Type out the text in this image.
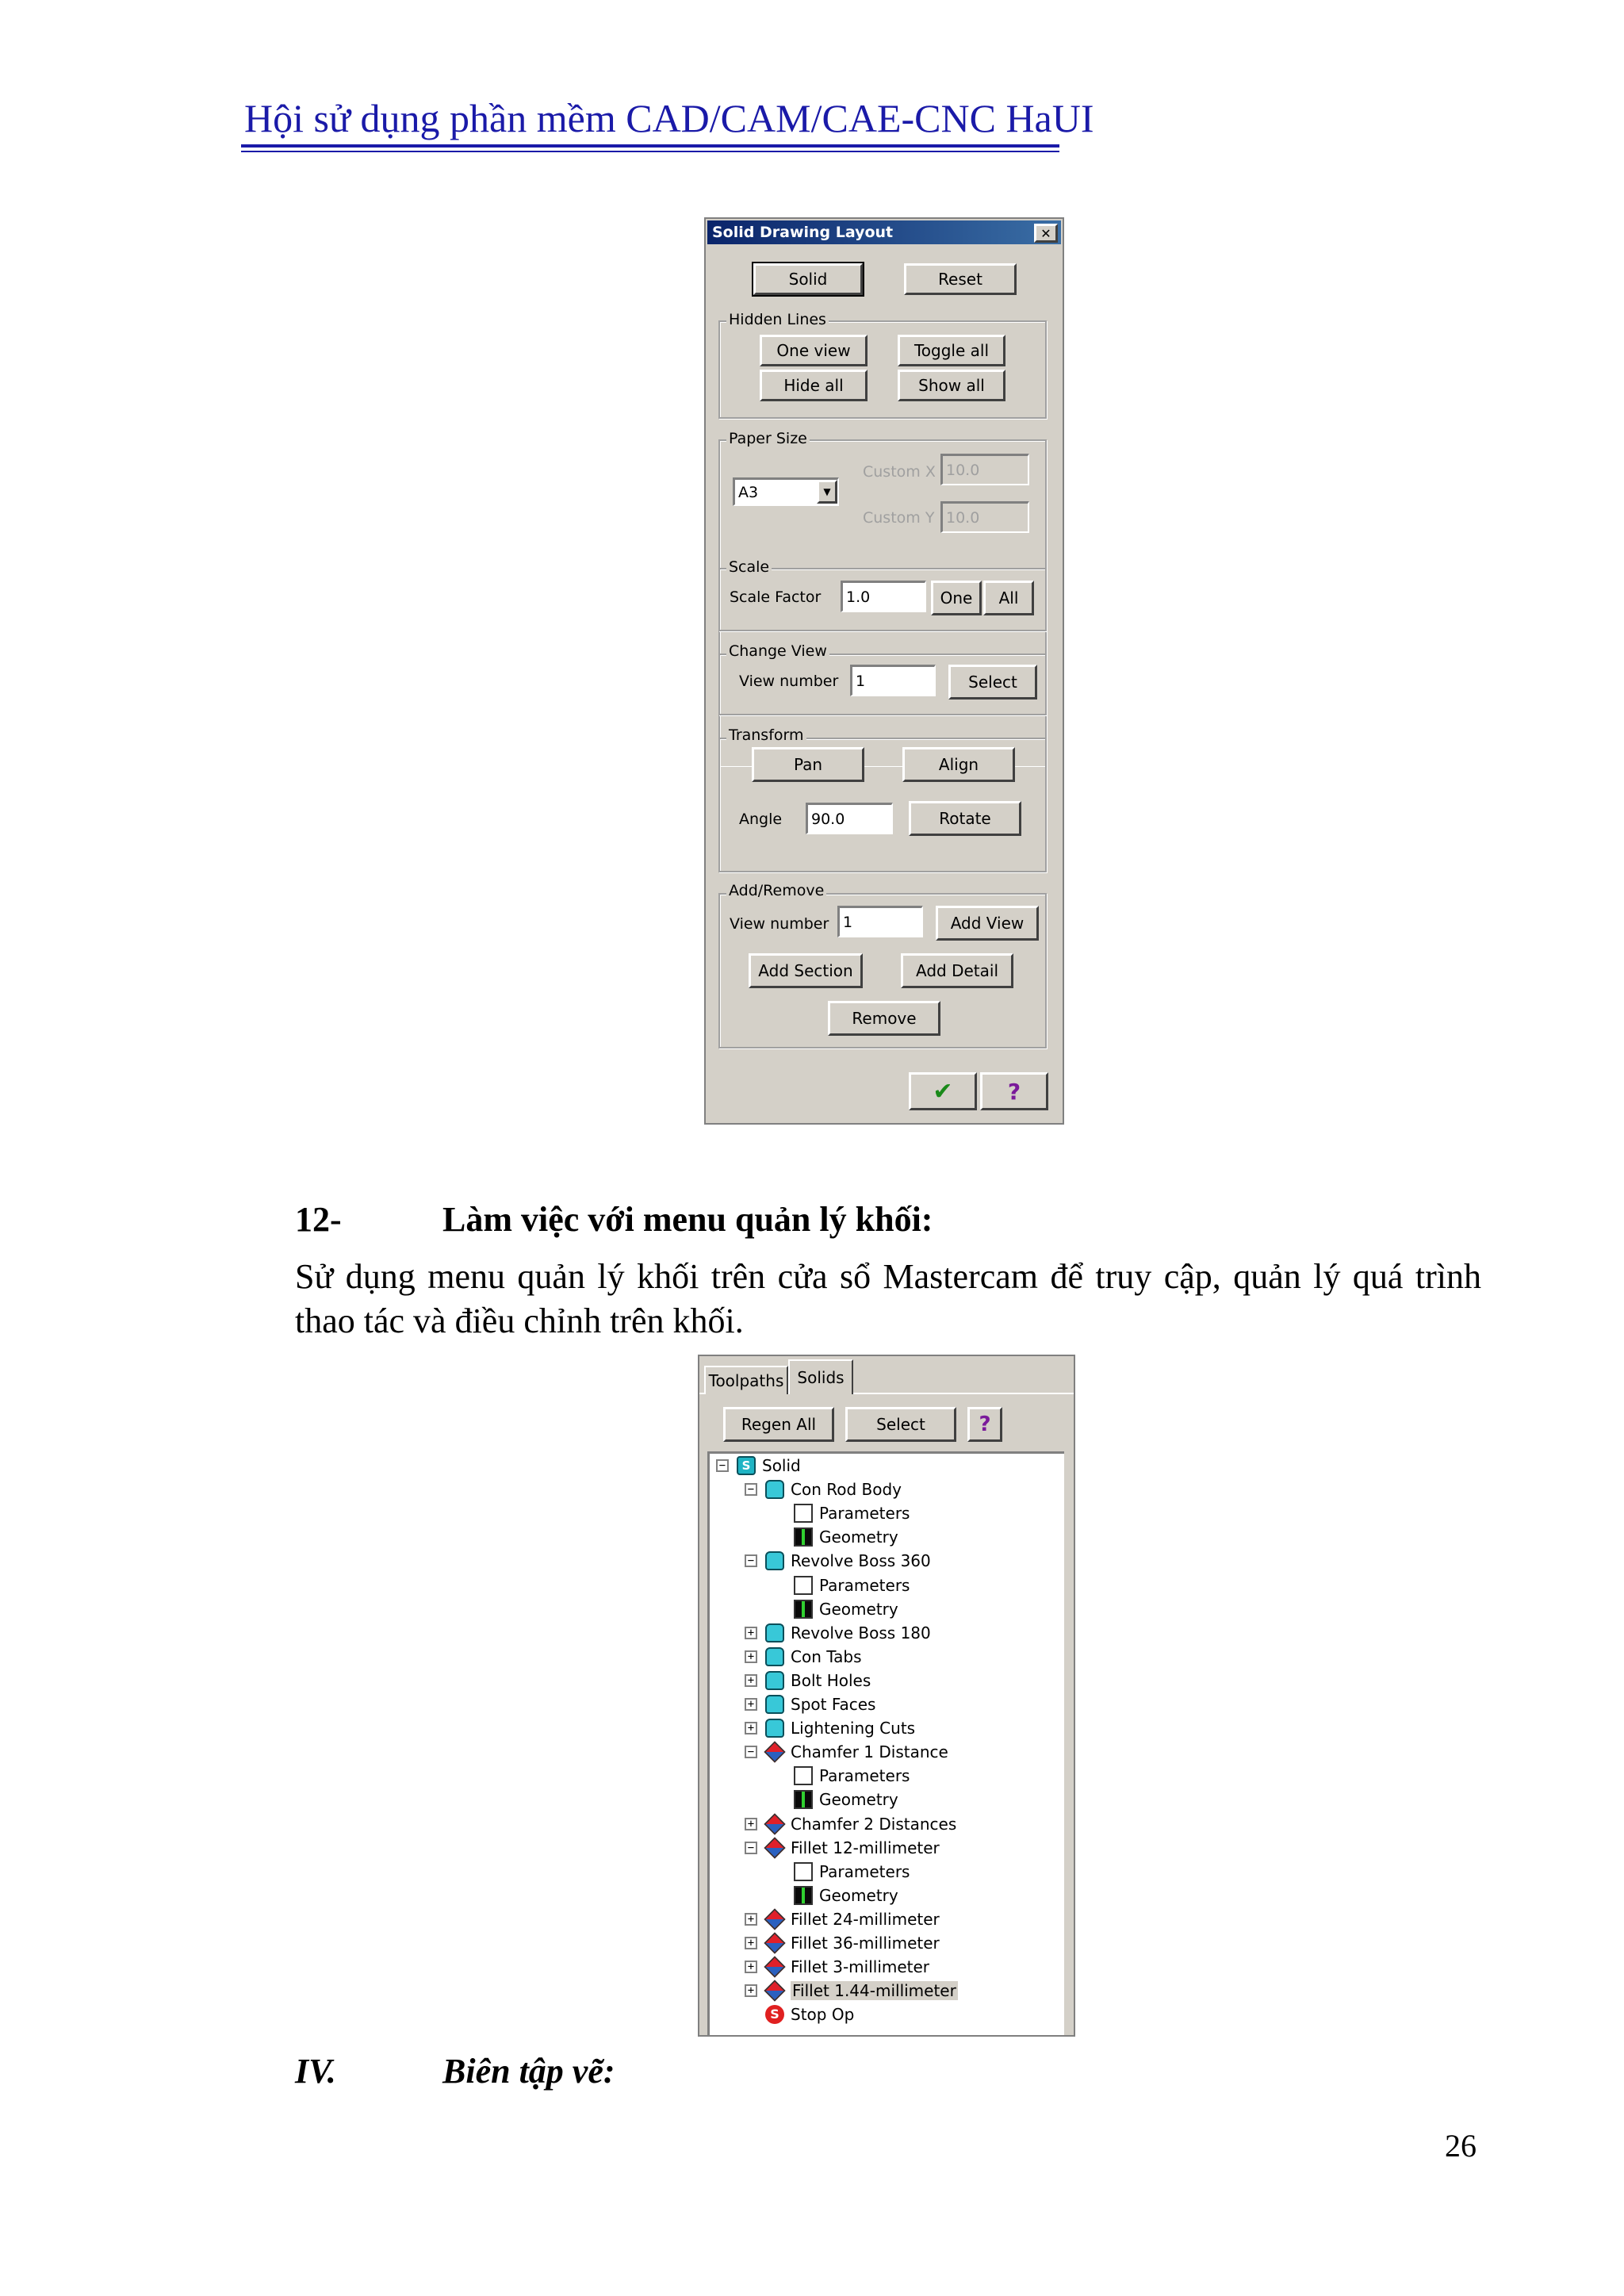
Hội sử dụng phần mềm CAD/CAM/CAE-CNC HaUI
Solid Drawing Layout	✕
Solid	Reset
Hidden Lines
One view	Toggle all
Hide all	Show all
Paper Size
A3	▼
Custom X 10.0
Custom Y 10.0
Scale
Scale Factor	1.0	One	All
Change View
View number	1	Select
Transform
Pan	Align
Angle	90.0	Rotate
Add/Remove
View number 1	Add View
Add Section	Add Detail
Remove
✔ ?
12-	Làm việc với menu quản lý khối:
Sử dụng menu quản lý khối trên cửa sổ Mastercam để truy cập, quản lý quá trình thao tác và điều chỉnh trên khối.
Toolpaths Solids
Regen All	Select	?
−	S Solid
− Con Rod Body
Parameters
Geometry
− Revolve Boss 360
Parameters
Geometry
+ Revolve Boss 180
+ Con Tabs
+ Bolt Holes
+ Spot Faces
+ Lightening Cuts
− Chamfer 1 Distance
Parameters
Geometry
+ Chamfer 2 Distances
− Fillet 12-millimeter
Parameters
Geometry
+ Fillet 24-millimeter
+ Fillet 36-millimeter
+ Fillet 3-millimeter
+ Fillet 1.44-millimeter
S Stop Op
IV.	Biên tập vẽ:
26
